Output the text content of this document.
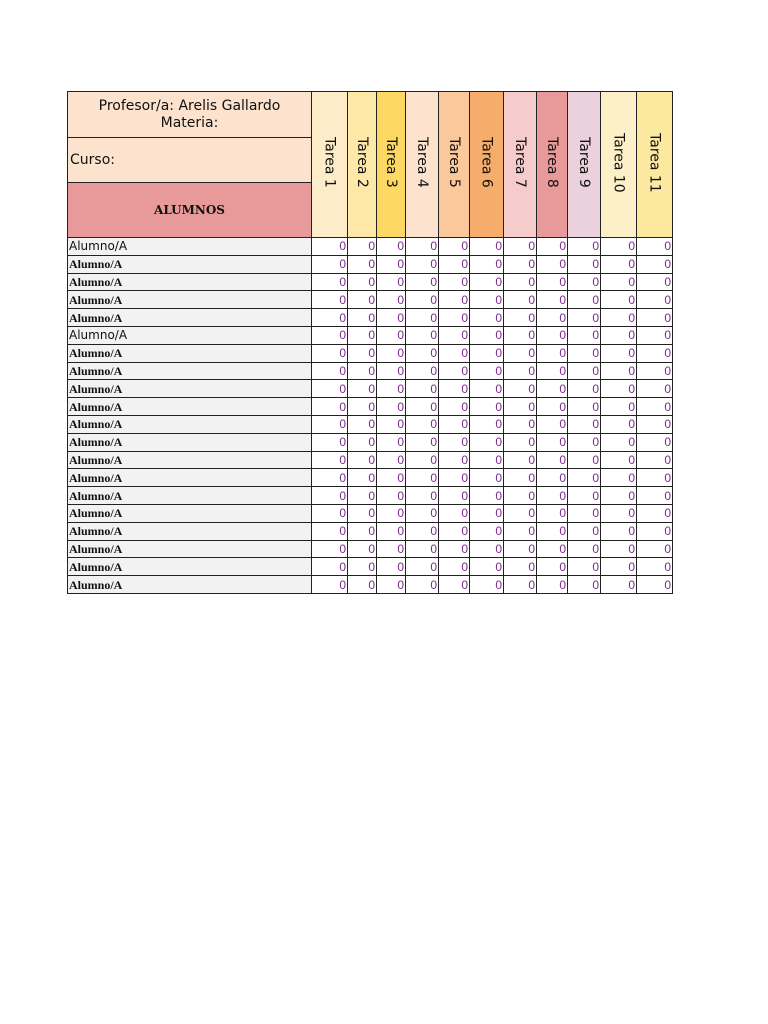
Profesor/a: Arelis Gallardo
Materia:	Tarea 1	Tarea 2	Tarea 3	Tarea 4	Tarea 5	Tarea 6	Tarea 7	Tarea 8	Tarea 9	Tarea 10	Tarea 11
Curso:											
ALUMNOS											
Alumno/A	0	0	0	0	0	0	0	0	0	0	0
Alumno/A	0	0	0	0	0	0	0	0	0	0	0
Alumno/A	0	0	0	0	0	0	0	0	0	0	0
Alumno/A	0	0	0	0	0	0	0	0	0	0	0
Alumno/A	0	0	0	0	0	0	0	0	0	0	0
Alumno/A	0	0	0	0	0	0	0	0	0	0	0
Alumno/A	0	0	0	0	0	0	0	0	0	0	0
Alumno/A	0	0	0	0	0	0	0	0	0	0	0
Alumno/A	0	0	0	0	0	0	0	0	0	0	0
Alumno/A	0	0	0	0	0	0	0	0	0	0	0
Alumno/A	0	0	0	0	0	0	0	0	0	0	0
Alumno/A	0	0	0	0	0	0	0	0	0	0	0
Alumno/A	0	0	0	0	0	0	0	0	0	0	0
Alumno/A	0	0	0	0	0	0	0	0	0	0	0
Alumno/A	0	0	0	0	0	0	0	0	0	0	0
Alumno/A	0	0	0	0	0	0	0	0	0	0	0
Alumno/A	0	0	0	0	0	0	0	0	0	0	0
Alumno/A	0	0	0	0	0	0	0	0	0	0	0
Alumno/A	0	0	0	0	0	0	0	0	0	0	0
Alumno/A	0	0	0	0	0	0	0	0	0	0	0
